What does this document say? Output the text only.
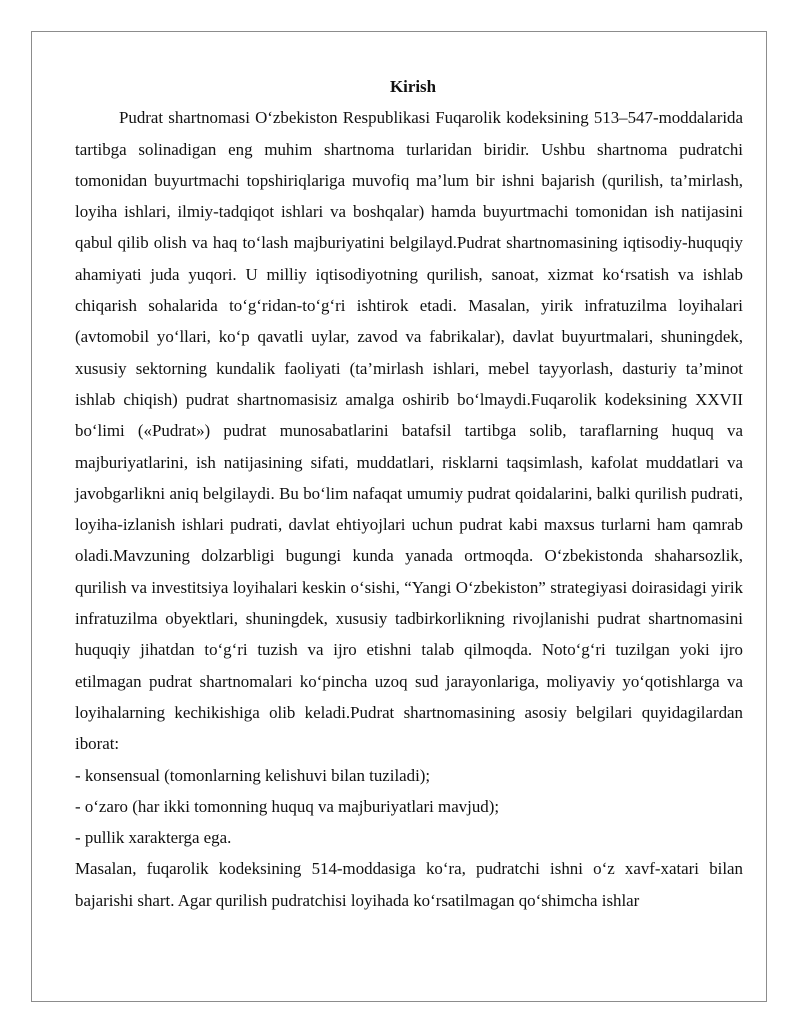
Kirish

Pudrat shartnomasi O‘zbekiston Respublikasi Fuqarolik kodeksining 513–547-moddalarida tartibga solinadigan eng muhim shartnoma turlaridan biridir. Ushbu shartnoma pudratchi tomonidan buyurtmachi topshiriqlariga muvofiq ma’lum bir ishni bajarish (qurilish, ta’mirlash, loyiha ishlari, ilmiy-tadqiqot ishlari va boshqalar) hamda buyurtmachi tomonidan ish natijasini qabul qilib olish va haq to‘lash majburiyatini belgilayd.Pudrat shartnomasining iqtisodiy-huquqiy ahamiyati juda yuqori. U milliy iqtisodiyotning qurilish, sanoat, xizmat ko‘rsatish va ishlab chiqarish sohalarida to‘g‘ridan-to‘g‘ri ishtirok etadi. Masalan, yirik infratuzilma loyihalari (avtomobil yo‘llari, ko‘p qavatli uylar, zavod va fabrikalar), davlat buyurtmalari, shuningdek, xususiy sektorning kundalik faoliyati (ta’mirlash ishlari, mebel tayyorlash, dasturiy ta’minot ishlab chiqish) pudrat shartnomasisiz amalga oshirib bo‘lmaydi.Fuqarolik kodeksining XXVII bo‘limi («Pudrat») pudrat munosabatlarini batafsil tartibga solib, taraflarning huquq va majburiyatlarini, ish natijasining sifati, muddatlari, risklarni taqsimlash, kafolat muddatlari va javobgarlikni aniq belgilaydi. Bu bo‘lim nafaqat umumiy pudrat qoidalarini, balki qurilish pudrati, loyiha-izlanish ishlari pudrati, davlat ehtiyojlari uchun pudrat kabi maxsus turlarni ham qamrab oladi.Mavzuning dolzarbligi bugungi kunda yanada ortmoqda. O‘zbekistonda shaharsozlik, qurilish va investitsiya loyihalari keskin o‘sishi, “Yangi O‘zbekiston” strategiyasi doirasidagi yirik infratuzilma obyektlari, shuningdek, xususiy tadbirkorlikning rivojlanishi pudrat shartnomasini huquqiy jihatdan to‘g‘ri tuzish va ijro etishni talab qilmoqda. Noto‘g‘ri tuzilgan yoki ijro etilmagan pudrat shartnomalari ko‘pincha uzoq sud jarayonlariga, moliyaviy yo‘qotishlarga va loyihalarning kechikishiga olib keladi.Pudrat shartnomasining asosiy belgilari quyidagilardan iborat:

- konsensual (tomonlarning kelishuvi bilan tuziladi);

- o‘zaro (har ikki tomonning huquq va majburiyatlari mavjud);

- pullik xarakterga ega.

Masalan, fuqarolik kodeksining 514-moddasiga ko‘ra, pudratchi ishni o‘z xavf-xatari bilan bajarishi shart. Agar qurilish pudratchisi loyihada ko‘rsatilmagan qo‘shimcha ishlar
